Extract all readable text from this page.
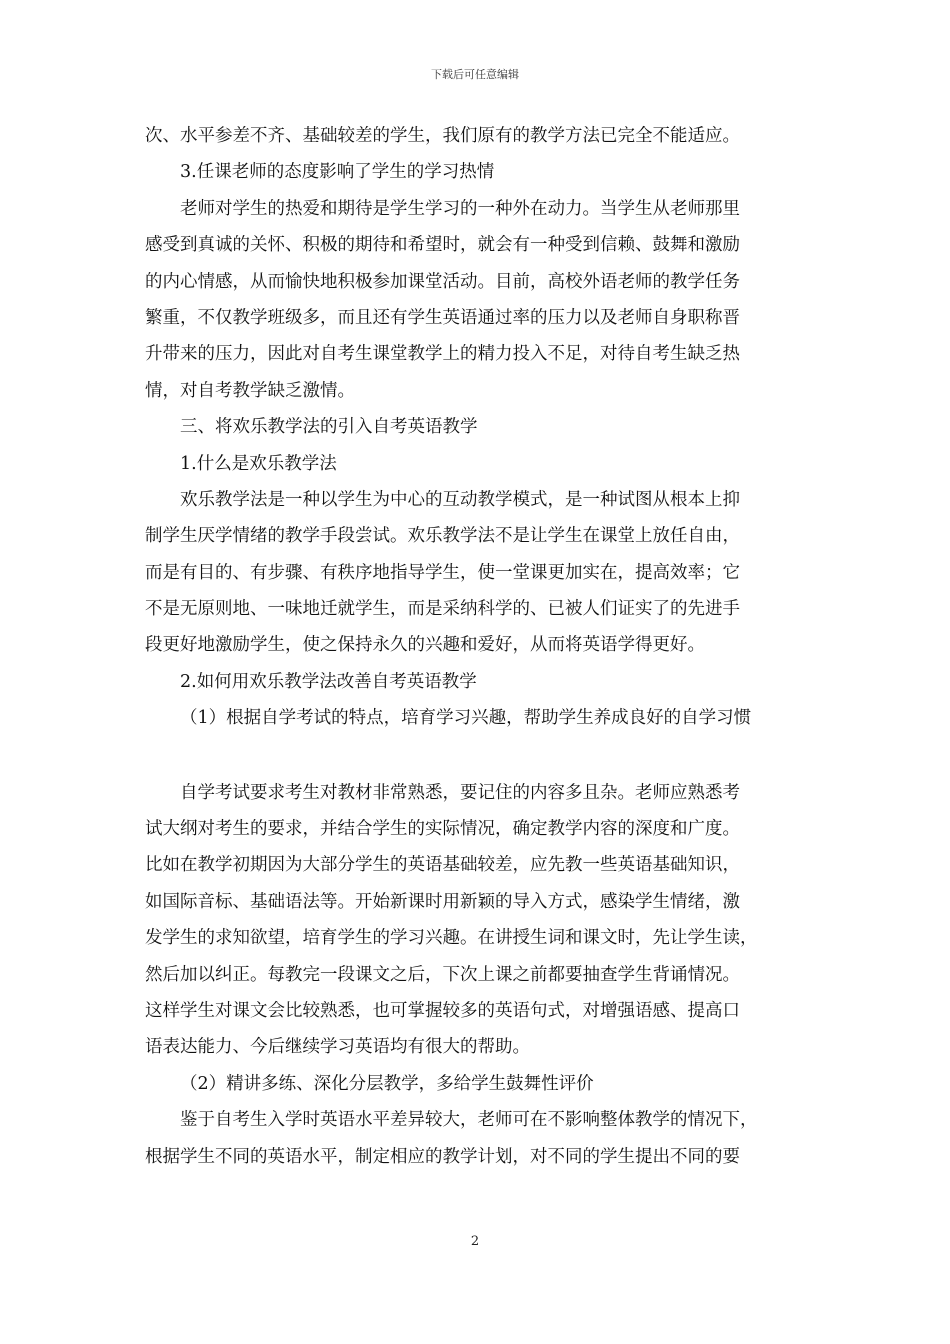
下载后可任意编辑
次、水平参差不齐、基础较差的学生，我们原有的教学方法已完全不能适应。
3.任课老师的态度影响了学生的学习热情
老师对学生的热爱和期待是学生学习的一种外在动力。当学生从老师那里
感受到真诚的关怀、积极的期待和希望时，就会有一种受到信赖、鼓舞和激励
的内心情感，从而愉快地积极参加课堂活动。目前，高校外语老师的教学任务
繁重，不仅教学班级多，而且还有学生英语通过率的压力以及老师自身职称晋
升带来的压力，因此对自考生课堂教学上的精力投入不足，对待自考生缺乏热
情，对自考教学缺乏激情。
三、将欢乐教学法的引入自考英语教学
1.什么是欢乐教学法
欢乐教学法是一种以学生为中心的互动教学模式，是一种试图从根本上抑
制学生厌学情绪的教学手段尝试。欢乐教学法不是让学生在课堂上放任自由，
而是有目的、有步骤、有秩序地指导学生，使一堂课更加实在，提高效率；它
不是无原则地、一味地迁就学生，而是采纳科学的、已被人们证实了的先进手
段更好地激励学生，使之保持永久的兴趣和爱好，从而将英语学得更好。
2.如何用欢乐教学法改善自考英语教学
（1）根据自学考试的特点，培育学习兴趣，帮助学生养成良好的自学习惯
自学考试要求考生对教材非常熟悉，要记住的内容多且杂。老师应熟悉考
试大纲对考生的要求，并结合学生的实际情况，确定教学内容的深度和广度。
比如在教学初期因为大部分学生的英语基础较差，应先教一些英语基础知识，
如国际音标、基础语法等。开始新课时用新颖的导入方式，感染学生情绪，激
发学生的求知欲望，培育学生的学习兴趣。在讲授生词和课文时，先让学生读，
然后加以纠正。每教完一段课文之后，下次上课之前都要抽查学生背诵情况。
这样学生对课文会比较熟悉，也可掌握较多的英语句式，对增强语感、提高口
语表达能力、今后继续学习英语均有很大的帮助。
（2）精讲多练、深化分层教学，多给学生鼓舞性评价
鉴于自考生入学时英语水平差异较大，老师可在不影响整体教学的情况下，
根据学生不同的英语水平，制定相应的教学计划，对不同的学生提出不同的要
2
